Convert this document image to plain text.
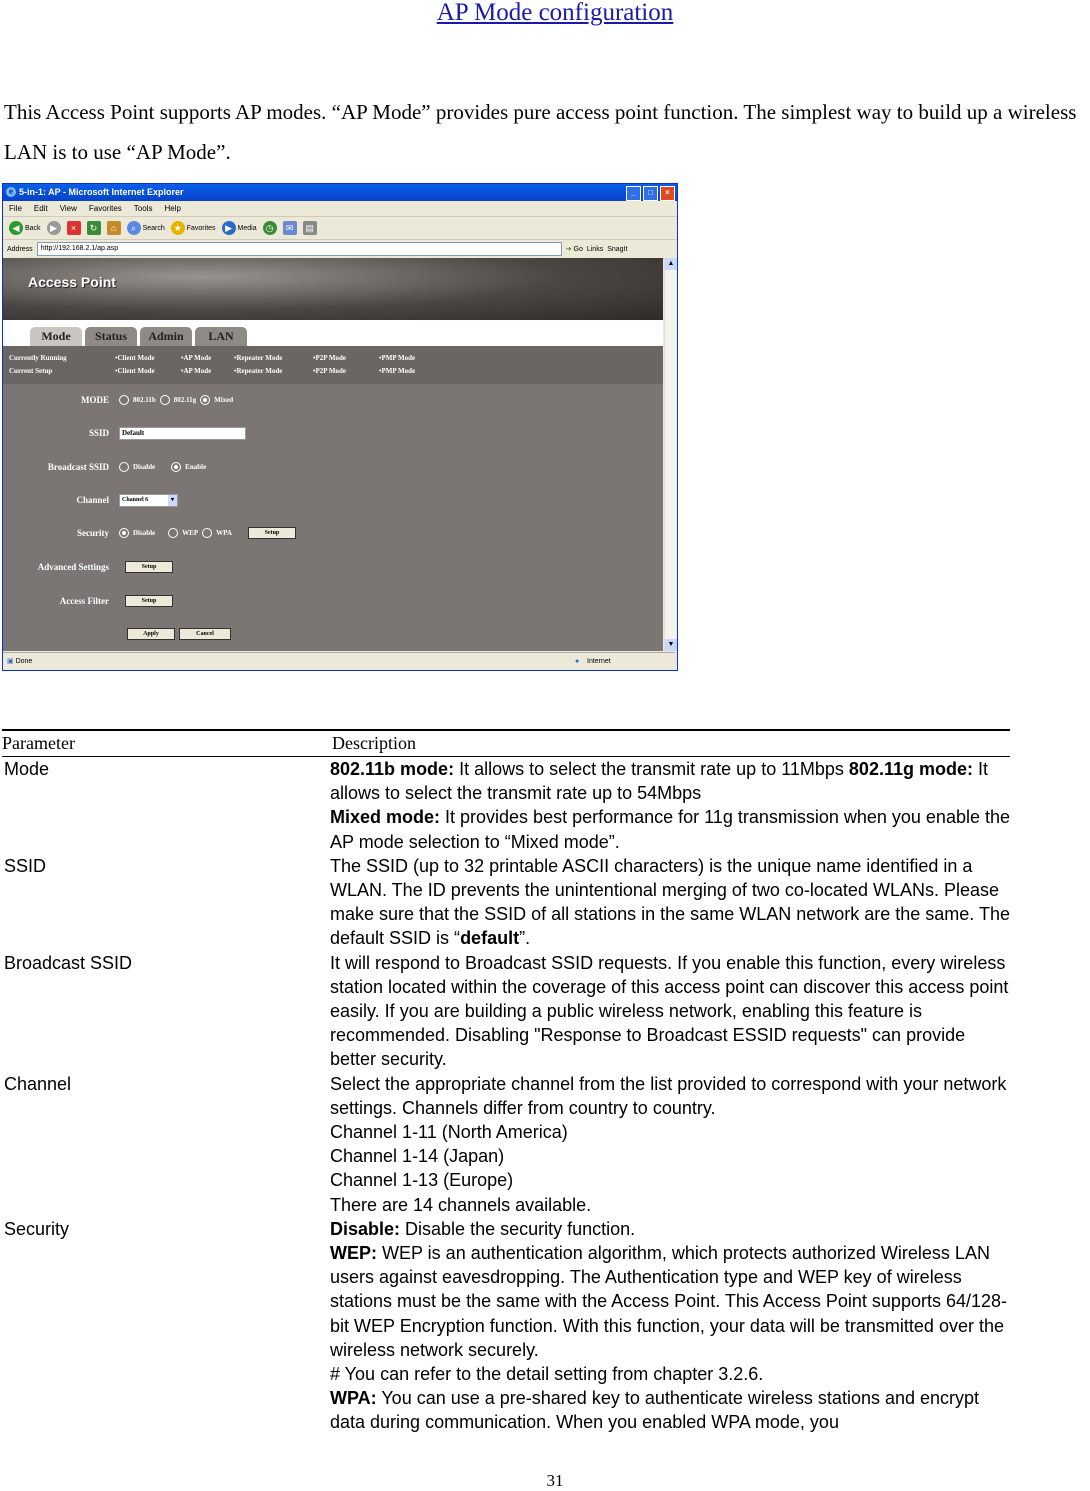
AP Mode configuration
This Access Point supports AP modes. “AP Mode” provides pure access point function. The simplest way to build up a wireless LAN is to use “AP Mode”.
e 5-in-1: AP - Microsoft Internet Explorer	_	□	×
File Edit View Favorites Tools Help
◀ Back	▶	×	↻	⌂	⌕ Search ★ Favorites	▶ Media	◷	✉	▤
Address	http://192.168.2.1/ap.asp	➜ Go Links SnagIt
Access Point
Mode	Status	Admin	LAN
Currently Running	•Client Mode	•AP Mode	•Repeater Mode	•P2P Mode	•PMP Mode
Current Setup	•Client Mode	•AP Mode	•Repeater Mode	•P2P Mode	•PMP Mode
MODE	802.11b	802.11g	Mixed
SSID	Default
Broadcast SSID	Disable	Enable
Channel Channel 6	▾
Security	Disable	WEP	WPA	Setup
Advanced Settings	Setup
Access Filter	Setup
Apply	Cancel
▲
▼
▣ Done	● Internet
Parameter	Description
Mode	802.11b mode: It allows to select the transmit rate up to 11Mbps 802.11g mode: It allows to select the transmit rate up to 54Mbps
Mixed mode: It provides best performance for 11g transmission when you enable the AP mode selection to “Mixed mode”.
SSID	The SSID (up to 32 printable ASCII characters) is the unique name identified in a WLAN. The ID prevents the unintentional merging of two co-located WLANs. Please make sure that the SSID of all stations in the same WLAN network are the same. The default SSID is “default”.
Broadcast SSID	It will respond to Broadcast SSID requests. If you enable this function, every wireless station located within the coverage of this access point can discover this access point easily. If you are building a public wireless network, enabling this feature is recommended. Disabling "Response to Broadcast ESSID requests" can provide better security.
Channel	Select the appropriate channel from the list provided to correspond with your network settings. Channels differ from country to country.
Channel 1-11 (North America)
Channel 1-14 (Japan)
Channel 1-13 (Europe)
There are 14 channels available.
Security	Disable: Disable the security function.
WEP: WEP is an authentication algorithm, which protects authorized Wireless LAN users against eavesdropping. The Authentication type and WEP key of wireless stations must be the same with the Access Point. This Access Point supports 64/128-bit WEP Encryption function. With this function, your data will be transmitted over the wireless network securely.
# You can refer to the detail setting from chapter 3.2.6.
WPA: You can use a pre-shared key to authenticate wireless stations and encrypt data during communication. When you enabled WPA mode, you
31
